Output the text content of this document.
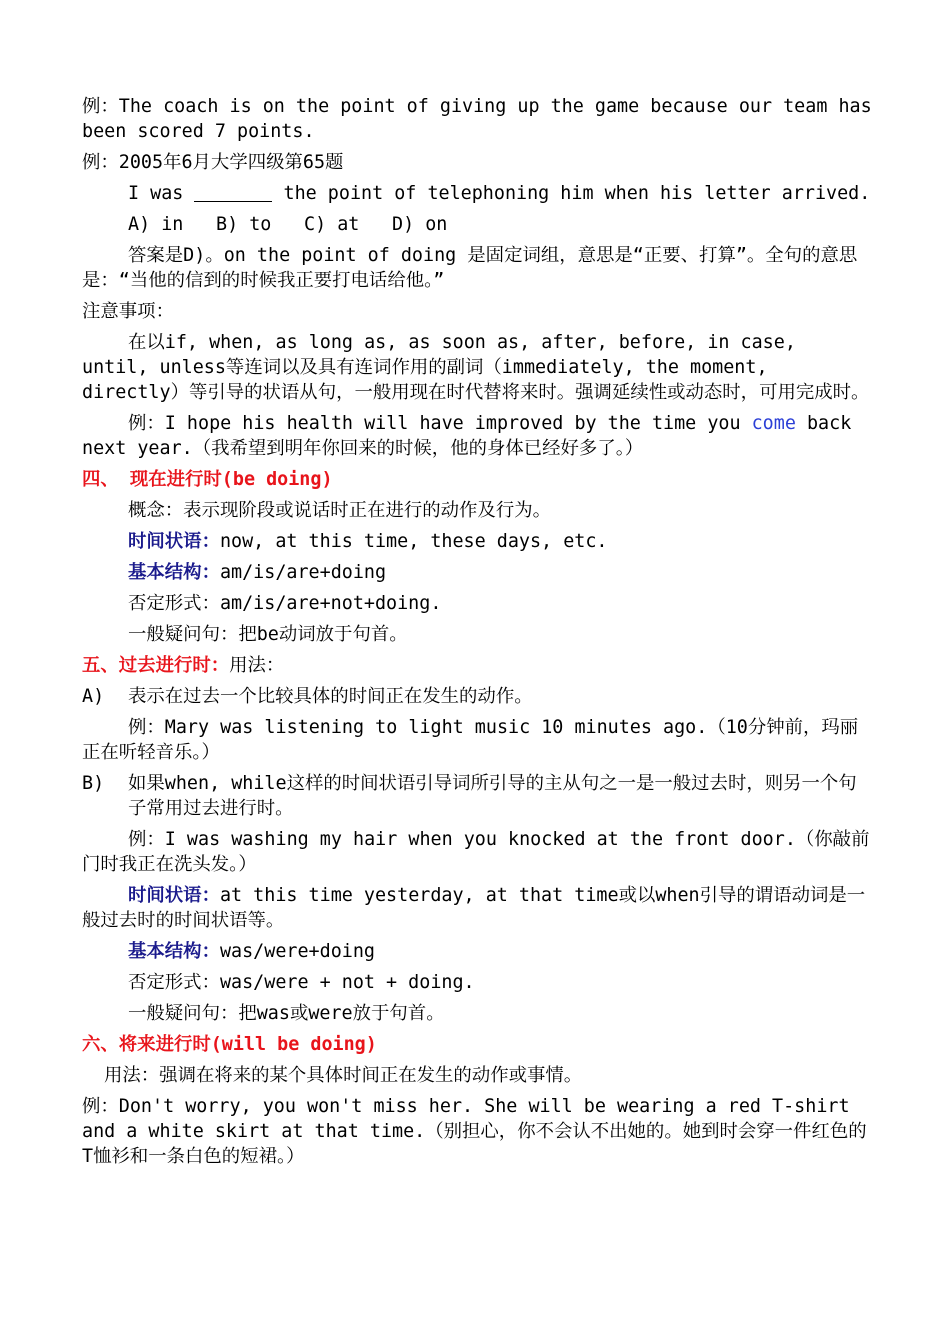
例：The coach is on the point of giving up the game because our team has been scored 7 points.

例：2005年6月大学四级第65题

I was	the point of telephoning him when his letter arrived.

A) in B) to C) at D) on

答案是D)。on the point of doing 是固定词组，意思是“正要、打算”。全句的意思是：“当他的信到的时候我正要打电话给他。”

注意事项：

在以if, when, as long as, as soon as, after, before, in case, until, unless等连词以及具有连词作用的副词（immediately, the moment, directly）等引导的状语从句，一般用现在时代替将来时。强调延续性或动态时，可用完成时。

例：I hope his health will have improved by the time you come back next year.（我希望到明年你回来的时候，他的身体已经好多了。）

四、 现在进行时(be doing)

概念：表示现阶段或说话时正在进行的动作及行为。

时间状语：now, at this time, these days, etc.

基本结构：am/is/are+doing

否定形式：am/is/are+not+doing.

一般疑问句：把be动词放于句首。

五、过去进行时：用法：

A)	表示在过去一个比较具体的时间正在发生的动作。

例：Mary was listening to light music 10 minutes ago.（10分钟前，玛丽正在听轻音乐。）

B)	如果when, while这样的时间状语引导词所引导的主从句之一是一般过去时，则另一个句子常用过去进行时。

例：I was washing my hair when you knocked at the front door.（你敲前门时我正在洗头发。）

时间状语：at this time yesterday, at that time或以when引导的谓语动词是一般过去时的时间状语等。

基本结构：was/were+doing

否定形式：was/were + not + doing.

一般疑问句：把was或were放于句首。

六、将来进行时(will be doing)

用法：强调在将来的某个具体时间正在发生的动作或事情。

例：Don't worry, you won't miss her. She will be wearing a red T-shirt and a white skirt at that time.（别担心，你不会认不出她的。她到时会穿一件红色的T恤衫和一条白色的短裙。）
